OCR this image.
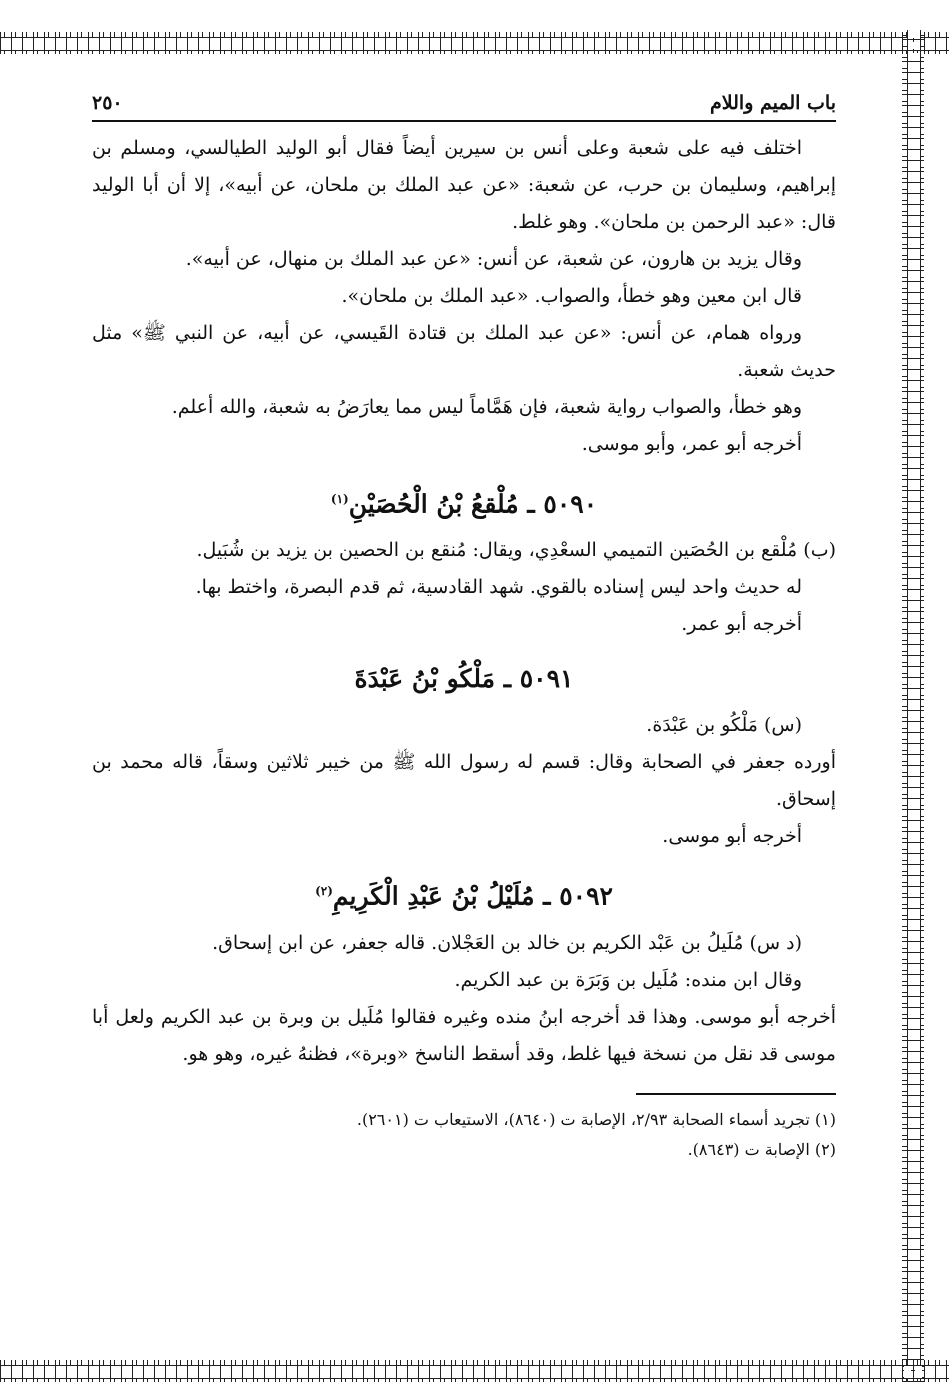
باب الميم واللام
٢٥٠

اختلف فيه على شعبة وعلى أنس بن سيرين أيضاً فقال أبو الوليد الطيالسي، ومسلم بن إبراهيم، وسليمان بن حرب، عن شعبة: «عن عبد الملك بن ملحان، عن أبيه»، إلا أن أبا الوليد قال: «عبد الرحمن بن ملحان». وهو غلط.

وقال يزيد بن هارون، عن شعبة، عن أنس: «عن عبد الملك بن منهال، عن أبيه».

قال ابن معين وهو خطأ، والصواب. «عبد الملك بن ملحان».

ورواه همام، عن أنس: «عن عبد الملك بن قتادة القَيسي، عن أبيه، عن النبي ﷺ» مثل حديث شعبة.

وهو خطأ، والصواب رواية شعبة، فإن هَمَّاماً ليس مما يعارَضُ به شعبة، والله أعلم.

أخرجه أبو عمر، وأبو موسى.

٥٠٩٠ ـ مُلْقعُ بْنُ الْحُصَيْنِ$^{(١)}$

(ب) مُلْقع بن الحُصَين التميمي السعْدِي، ويقال: مُنقع بن الحصين بن يزيد بن شُبَيل.

له حديث واحد ليس إسناده بالقوي. شهد القادسية، ثم قدم البصرة، واختط بها.

أخرجه أبو عمر.

٥٠٩١ ـ مَلْكُو بْنُ عَبْدَةَ

(س) مَلْكُو بن عَبْدَة.

أورده جعفر في الصحابة وقال: قسم له رسول الله ﷺ من خيبر ثلاثين وسقاً، قاله محمد بن إسحاق.

أخرجه أبو موسى.

٥٠٩٢ ـ مُلَيْلُ بْنُ عَبْدِ الْكَرِيمِ$^{(٢)}$

(د س) مُلَيلُ بن عَبْد الكريم بن خالد بن العَجْلان. قاله جعفر، عن ابن إسحاق.

وقال ابن منده: مُلَيل بن وَبَرَة بن عبد الكريم.

أخرجه أبو موسى. وهذا قد أخرجه ابنُ منده وغيره فقالوا مُلَيل بن وبرة بن عبد الكريم ولعل أبا موسى قد نقل من نسخة فيها غلط، وقد أسقط الناسخ «وبرة»، فظنهُ غيره، وهو هو.

(١) تجريد أسماء الصحابة ٢/٩٣، الإصابة ت (٨٦٤٠)، الاستيعاب ت (٢٦٠١).

(٢) الإصابة ت (٨٦٤٣).
